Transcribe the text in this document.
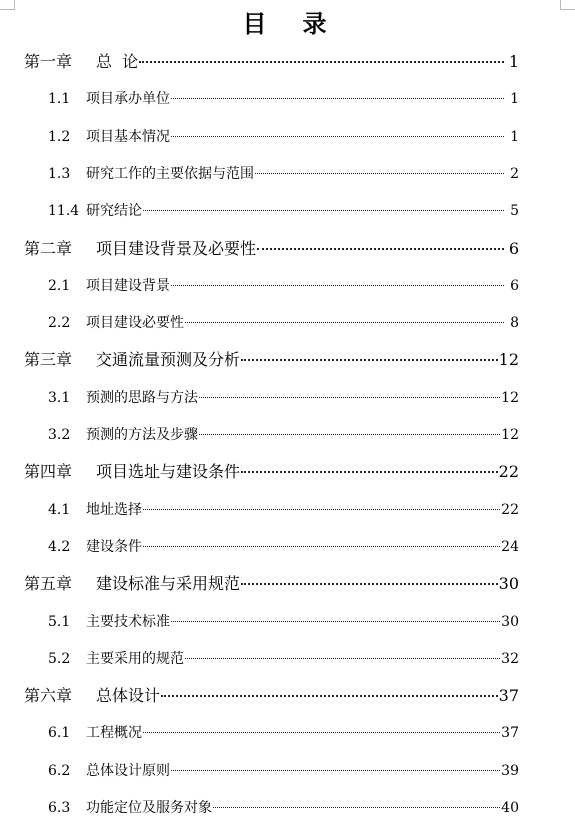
目　录
第一章	总  论	1
1.1	项目承办单位	1
1.2	项目基本情况	1
1.3	研究工作的主要依据与范围	2
11.4 研究结论	5
第二章	项目建设背景及必要性	6
2.1	项目建设背景	6
2.2	项目建设必要性	8
第三章	交通流量预测及分析	12
3.1	预测的思路与方法	12
3.2	预测的方法及步骤	12
第四章	项目选址与建设条件	22
4.1	地址选择	22
4.2	建设条件	24
第五章	建设标准与采用规范	30
5.1	主要技术标准	30
5.2	主要采用的规范	32
第六章	总体设计	37
6.1	工程概况	37
6.2	总体设计原则	39
6.3	功能定位及服务对象	40
